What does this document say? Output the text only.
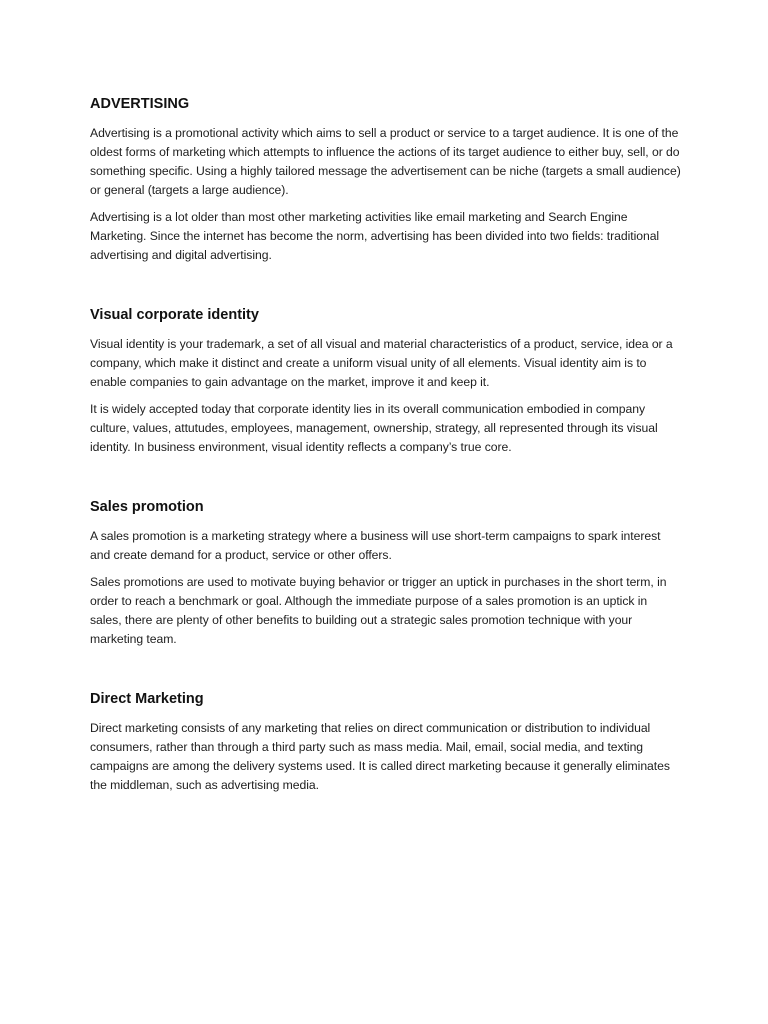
ADVERTISING

Advertising is a promotional activity which aims to sell a product or service to a target audience. It is one of the oldest forms of marketing which attempts to influence the actions of its target audience to either buy, sell, or do something specific. Using a highly tailored message the advertisement can be niche (targets a small audience) or general (targets a large audience).

Advertising is a lot older than most other marketing activities like email marketing and Search Engine Marketing. Since the internet has become the norm, advertising has been divided into two fields: traditional advertising and digital advertising.

Visual corporate identity

Visual identity is your trademark, a set of all visual and material characteristics of a product, service, idea or a company, which make it distinct and create a uniform visual unity of all elements. Visual identity aim is to enable companies to gain advantage on the market, improve it and keep it.

It is widely accepted today that corporate identity lies in its overall communication embodied in company culture, values, attutudes, employees, management, ownership, strategy, all represented through its visual identity. In business environment, visual identity reflects a company’s true core.

Sales promotion

A sales promotion is a marketing strategy where a business will use short-term campaigns to spark interest and create demand for a product, service or other offers.

Sales promotions are used to motivate buying behavior or trigger an uptick in purchases in the short term, in order to reach a benchmark or goal. Although the immediate purpose of a sales promotion is an uptick in sales, there are plenty of other benefits to building out a strategic sales promotion technique with your marketing team.

Direct Marketing

Direct marketing consists of any marketing that relies on direct communication or distribution to individual consumers, rather than through a third party such as mass media. Mail, email, social media, and texting campaigns are among the delivery systems used. It is called direct marketing because it generally eliminates the middleman, such as advertising media.
